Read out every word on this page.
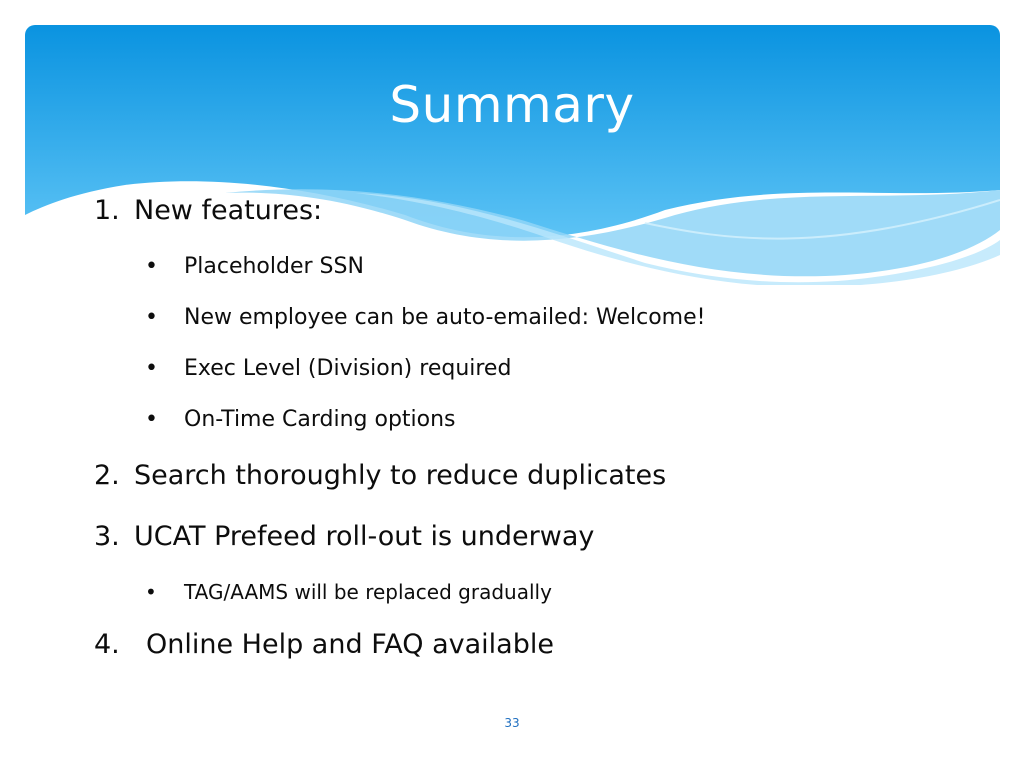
Summary
1. New features:
• Placeholder SSN
• New employee can be auto-emailed: Welcome!
• Exec Level (Division) required
• On-Time Carding options
2. Search thoroughly to reduce duplicates
3. UCAT Prefeed roll-out is underway
• TAG/AAMS will be replaced gradually
4. Online Help and FAQ available
33
